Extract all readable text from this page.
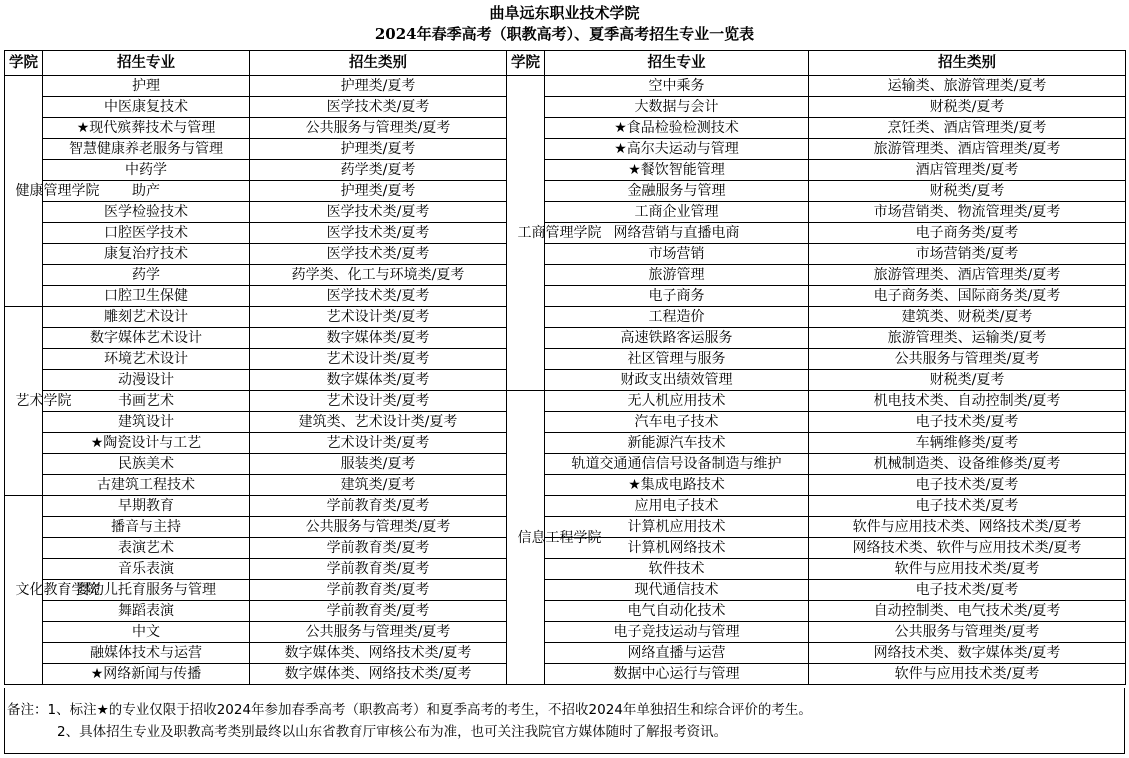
曲阜远东职业技术学院
2024年春季高考（职教高考）、夏季高考招生专业一览表
学院	招生专业	招生类别	学院	招生专业	招生类别
健康管理学院	护理	护理类/夏考	工商管理学院	空中乘务	运输类、旅游管理类/夏考
	中医康复技术	医学技术类/夏考		大数据与会计	财税类/夏考
	★现代殡葬技术与管理	公共服务与管理类/夏考		★食品检验检测技术	烹饪类、酒店管理类/夏考
	智慧健康养老服务与管理	护理类/夏考		★高尔夫运动与管理	旅游管理类、酒店管理类/夏考
	中药学	药学类/夏考		★餐饮智能管理	酒店管理类/夏考
	助产	护理类/夏考		金融服务与管理	财税类/夏考
	医学检验技术	医学技术类/夏考		工商企业管理	市场营销类、物流管理类/夏考
	口腔医学技术	医学技术类/夏考		网络营销与直播电商	电子商务类/夏考
	康复治疗技术	医学技术类/夏考		市场营销	市场营销类/夏考
	药学	药学类、化工与环境类/夏考		旅游管理	旅游管理类、酒店管理类/夏考
	口腔卫生保健	医学技术类/夏考		电子商务	电子商务类、国际商务类/夏考
艺术学院	雕刻艺术设计	艺术设计类/夏考		工程造价	建筑类、财税类/夏考
	数字媒体艺术设计	数字媒体类/夏考		高速铁路客运服务	旅游管理类、运输类/夏考
	环境艺术设计	艺术设计类/夏考		社区管理与服务	公共服务与管理类/夏考
	动漫设计	数字媒体类/夏考		财政支出绩效管理	财税类/夏考
	书画艺术	艺术设计类/夏考	信息工程学院	无人机应用技术	机电技术类、自动控制类/夏考
	建筑设计	建筑类、艺术设计类/夏考		汽车电子技术	电子技术类/夏考
	★陶瓷设计与工艺	艺术设计类/夏考		新能源汽车技术	车辆维修类/夏考
	民族美术	服装类/夏考		轨道交通通信信号设备制造与维护	机械制造类、设备维修类/夏考
	古建筑工程技术	建筑类/夏考		★集成电路技术	电子技术类/夏考
文化教育学院	早期教育	学前教育类/夏考		应用电子技术	电子技术类/夏考
	播音与主持	公共服务与管理类/夏考		计算机应用技术	软件与应用技术类、网络技术类/夏考
	表演艺术	学前教育类/夏考		计算机网络技术	网络技术类、软件与应用技术类/夏考
	音乐表演	学前教育类/夏考		软件技术	软件与应用技术类/夏考
	婴幼儿托育服务与管理	学前教育类/夏考		现代通信技术	电子技术类/夏考
	舞蹈表演	学前教育类/夏考		电气自动化技术	自动控制类、电气技术类/夏考
	中文	公共服务与管理类/夏考		电子竞技运动与管理	公共服务与管理类/夏考
	融媒体技术与运营	数字媒体类、网络技术类/夏考		网络直播与运营	网络技术类、数字媒体类/夏考
	★网络新闻与传播	数字媒体类、网络技术类/夏考		数据中心运行与管理	软件与应用技术类/夏考
备注：1、标注★的专业仅限于招收2024年参加春季高考（职教高考）和夏季高考的考生，不招收2024年单独招生和综合评价的考生。
2、具体招生专业及职教高考类别最终以山东省教育厅审核公布为准，也可关注我院官方媒体随时了解报考资讯。
